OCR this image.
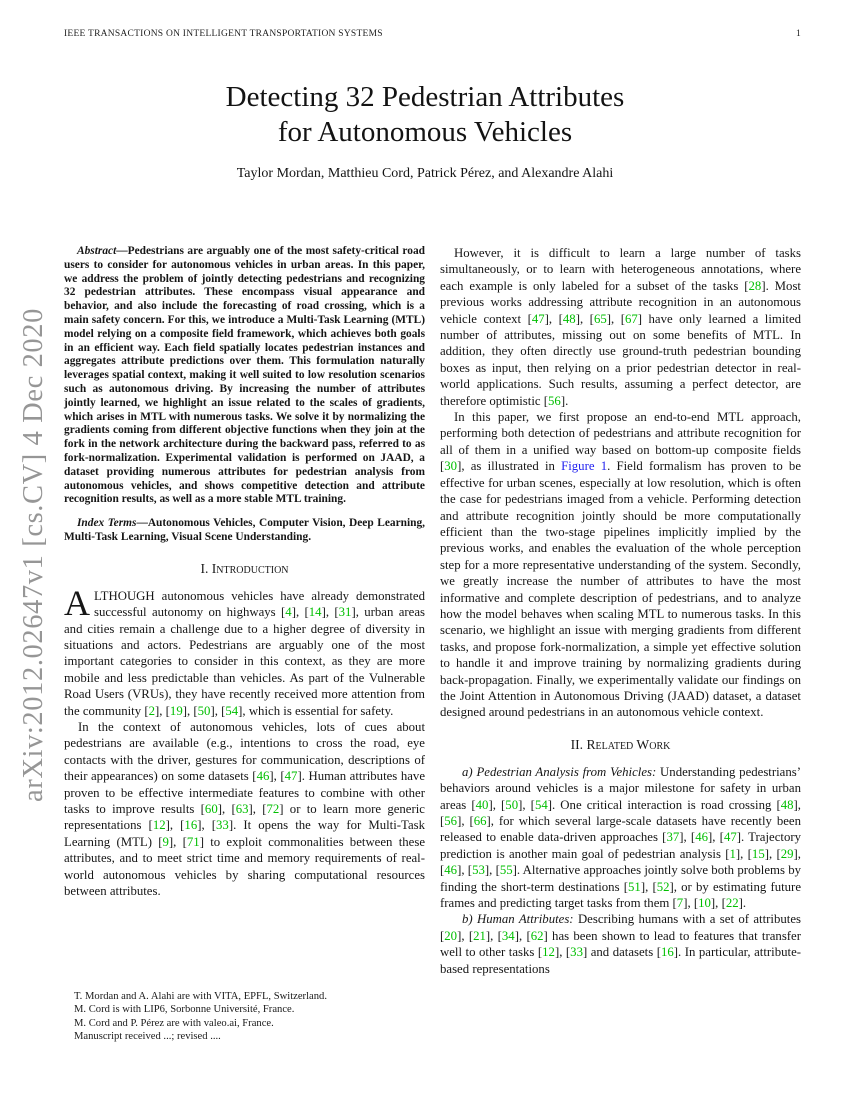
IEEE TRANSACTIONS ON INTELLIGENT TRANSPORTATION SYSTEMS	1
arXiv:2012.02647v1 [cs.CV] 4 Dec 2020
Detecting 32 Pedestrian Attributes
for Autonomous Vehicles
Taylor Mordan, Matthieu Cord, Patrick Pérez, and Alexandre Alahi
Abstract—Pedestrians are arguably one of the most safety-critical road users to consider for autonomous vehicles in urban areas. In this paper, we address the problem of jointly detecting pedestrians and recognizing 32 pedestrian attributes. These encompass visual appearance and behavior, and also include the forecasting of road crossing, which is a main safety concern. For this, we introduce a Multi-Task Learning (MTL) model relying on a composite field framework, which achieves both goals in an efficient way. Each field spatially locates pedestrian instances and aggregates attribute predictions over them. This formulation naturally leverages spatial context, making it well suited to low resolution scenarios such as autonomous driving. By increasing the number of attributes jointly learned, we highlight an issue related to the scales of gradients, which arises in MTL with numerous tasks. We solve it by normalizing the gradients coming from different objective functions when they join at the fork in the network architecture during the backward pass, referred to as fork-normalization. Experimental validation is performed on JAAD, a dataset providing numerous attributes for pedestrian analysis from autonomous vehicles, and shows competitive detection and attribute recognition results, as well as a more stable MTL training.
Index Terms—Autonomous Vehicles, Computer Vision, Deep Learning, Multi-Task Learning, Visual Scene Understanding.
I. Introduction
ALTHOUGH autonomous vehicles have already demonstrated successful autonomy on highways [4], [14], [31], urban areas and cities remain a challenge due to a higher degree of diversity in situations and actors. Pedestrians are arguably one of the most important categories to consider in this context, as they are more mobile and less predictable than vehicles. As part of the Vulnerable Road Users (VRUs), they have recently received more attention from the community [2], [19], [50], [54], which is essential for safety.
In the context of autonomous vehicles, lots of cues about pedestrians are available (e.g., intentions to cross the road, eye contacts with the driver, gestures for communication, descriptions of their appearances) on some datasets [46], [47]. Human attributes have proven to be effective intermediate features to combine with other tasks to improve results [60], [63], [72] or to learn more generic representations [12], [16], [33]. It opens the way for Multi-Task Learning (MTL) [9], [71] to exploit commonalities between these attributes, and to meet strict time and memory requirements of real-world autonomous vehicles by sharing computational resources between attributes.
However, it is difficult to learn a large number of tasks simultaneously, or to learn with heterogeneous annotations, where each example is only labeled for a subset of the tasks [28]. Most previous works addressing attribute recognition in an autonomous vehicle context [47], [48], [65], [67] have only learned a limited number of attributes, missing out on some benefits of MTL. In addition, they often directly use ground-truth pedestrian bounding boxes as input, then relying on a prior pedestrian detector in real-world applications. Such results, assuming a perfect detector, are therefore optimistic [56].
In this paper, we first propose an end-to-end MTL approach, performing both detection of pedestrians and attribute recognition for all of them in a unified way based on bottom-up composite fields [30], as illustrated in Figure 1. Field formalism has proven to be effective for urban scenes, especially at low resolution, which is often the case for pedestrians imaged from a vehicle. Performing detection and attribute recognition jointly should be more computationally efficient than the two-stage pipelines implicitly implied by the previous works, and enables the evaluation of the whole perception step for a more representative understanding of the system. Secondly, we greatly increase the number of attributes to have the most informative and complete description of pedestrians, and to analyze how the model behaves when scaling MTL to numerous tasks. In this scenario, we highlight an issue with merging gradients from different tasks, and propose fork-normalization, a simple yet effective solution to handle it and improve training by normalizing gradients during back-propagation. Finally, we experimentally validate our findings on the Joint Attention in Autonomous Driving (JAAD) dataset, a dataset designed around pedestrians in an autonomous vehicle context.
II. Related Work
a) Pedestrian Analysis from Vehicles: Understanding pedestrians’ behaviors around vehicles is a major milestone for safety in urban areas [40], [50], [54]. One critical interaction is road crossing [48], [56], [66], for which several large-scale datasets have recently been released to enable data-driven approaches [37], [46], [47]. Trajectory prediction is another main goal of pedestrian analysis [1], [15], [29], [46], [53], [55]. Alternative approaches jointly solve both problems by finding the short-term destinations [51], [52], or by estimating future frames and predicting target tasks from them [7], [10], [22].
b) Human Attributes: Describing humans with a set of attributes [20], [21], [34], [62] has been shown to lead to features that transfer well to other tasks [12], [33] and datasets [16]. In particular, attribute-based representations
T. Mordan and A. Alahi are with VITA, EPFL, Switzerland.
M. Cord is with LIP6, Sorbonne Université, France.
M. Cord and P. Pérez are with valeo.ai, France.
Manuscript received ...; revised ....
